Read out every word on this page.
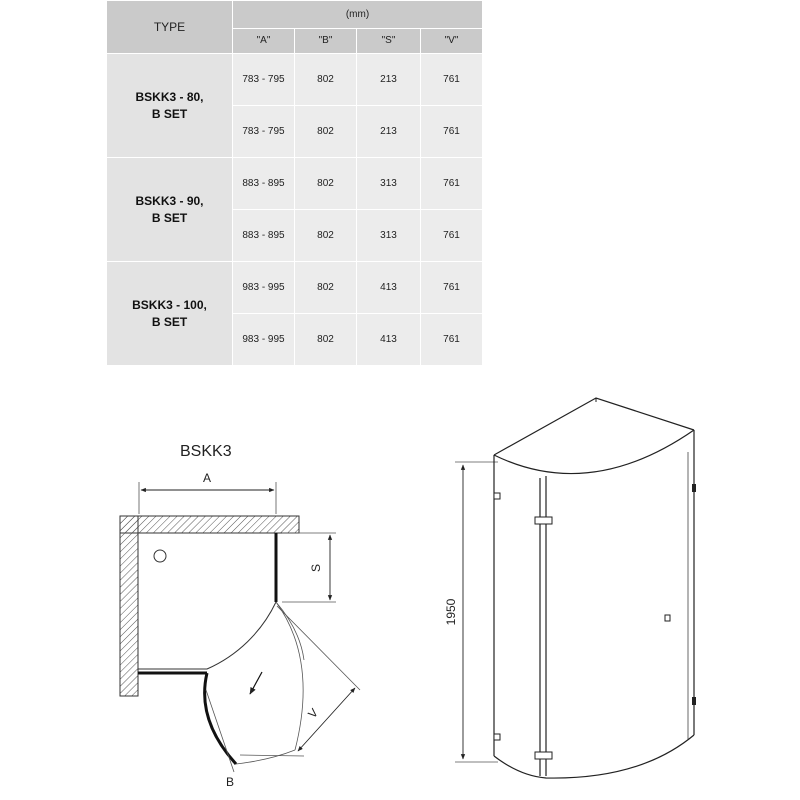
TYPE	(mm)			
	"A"	"B"	"S"	"V"
BSKK3 - 80,
B SET	783 - 795	802	213	761
	783 - 795	802	213	761
BSKK3 - 90,
B SET	883 - 895	802	313	761
	883 - 895	802	313	761
BSKK3 - 100,
B SET	983 - 995	802	413	761
	983 - 995	802	413	761
BSKK3
A
S
V
B
1950
